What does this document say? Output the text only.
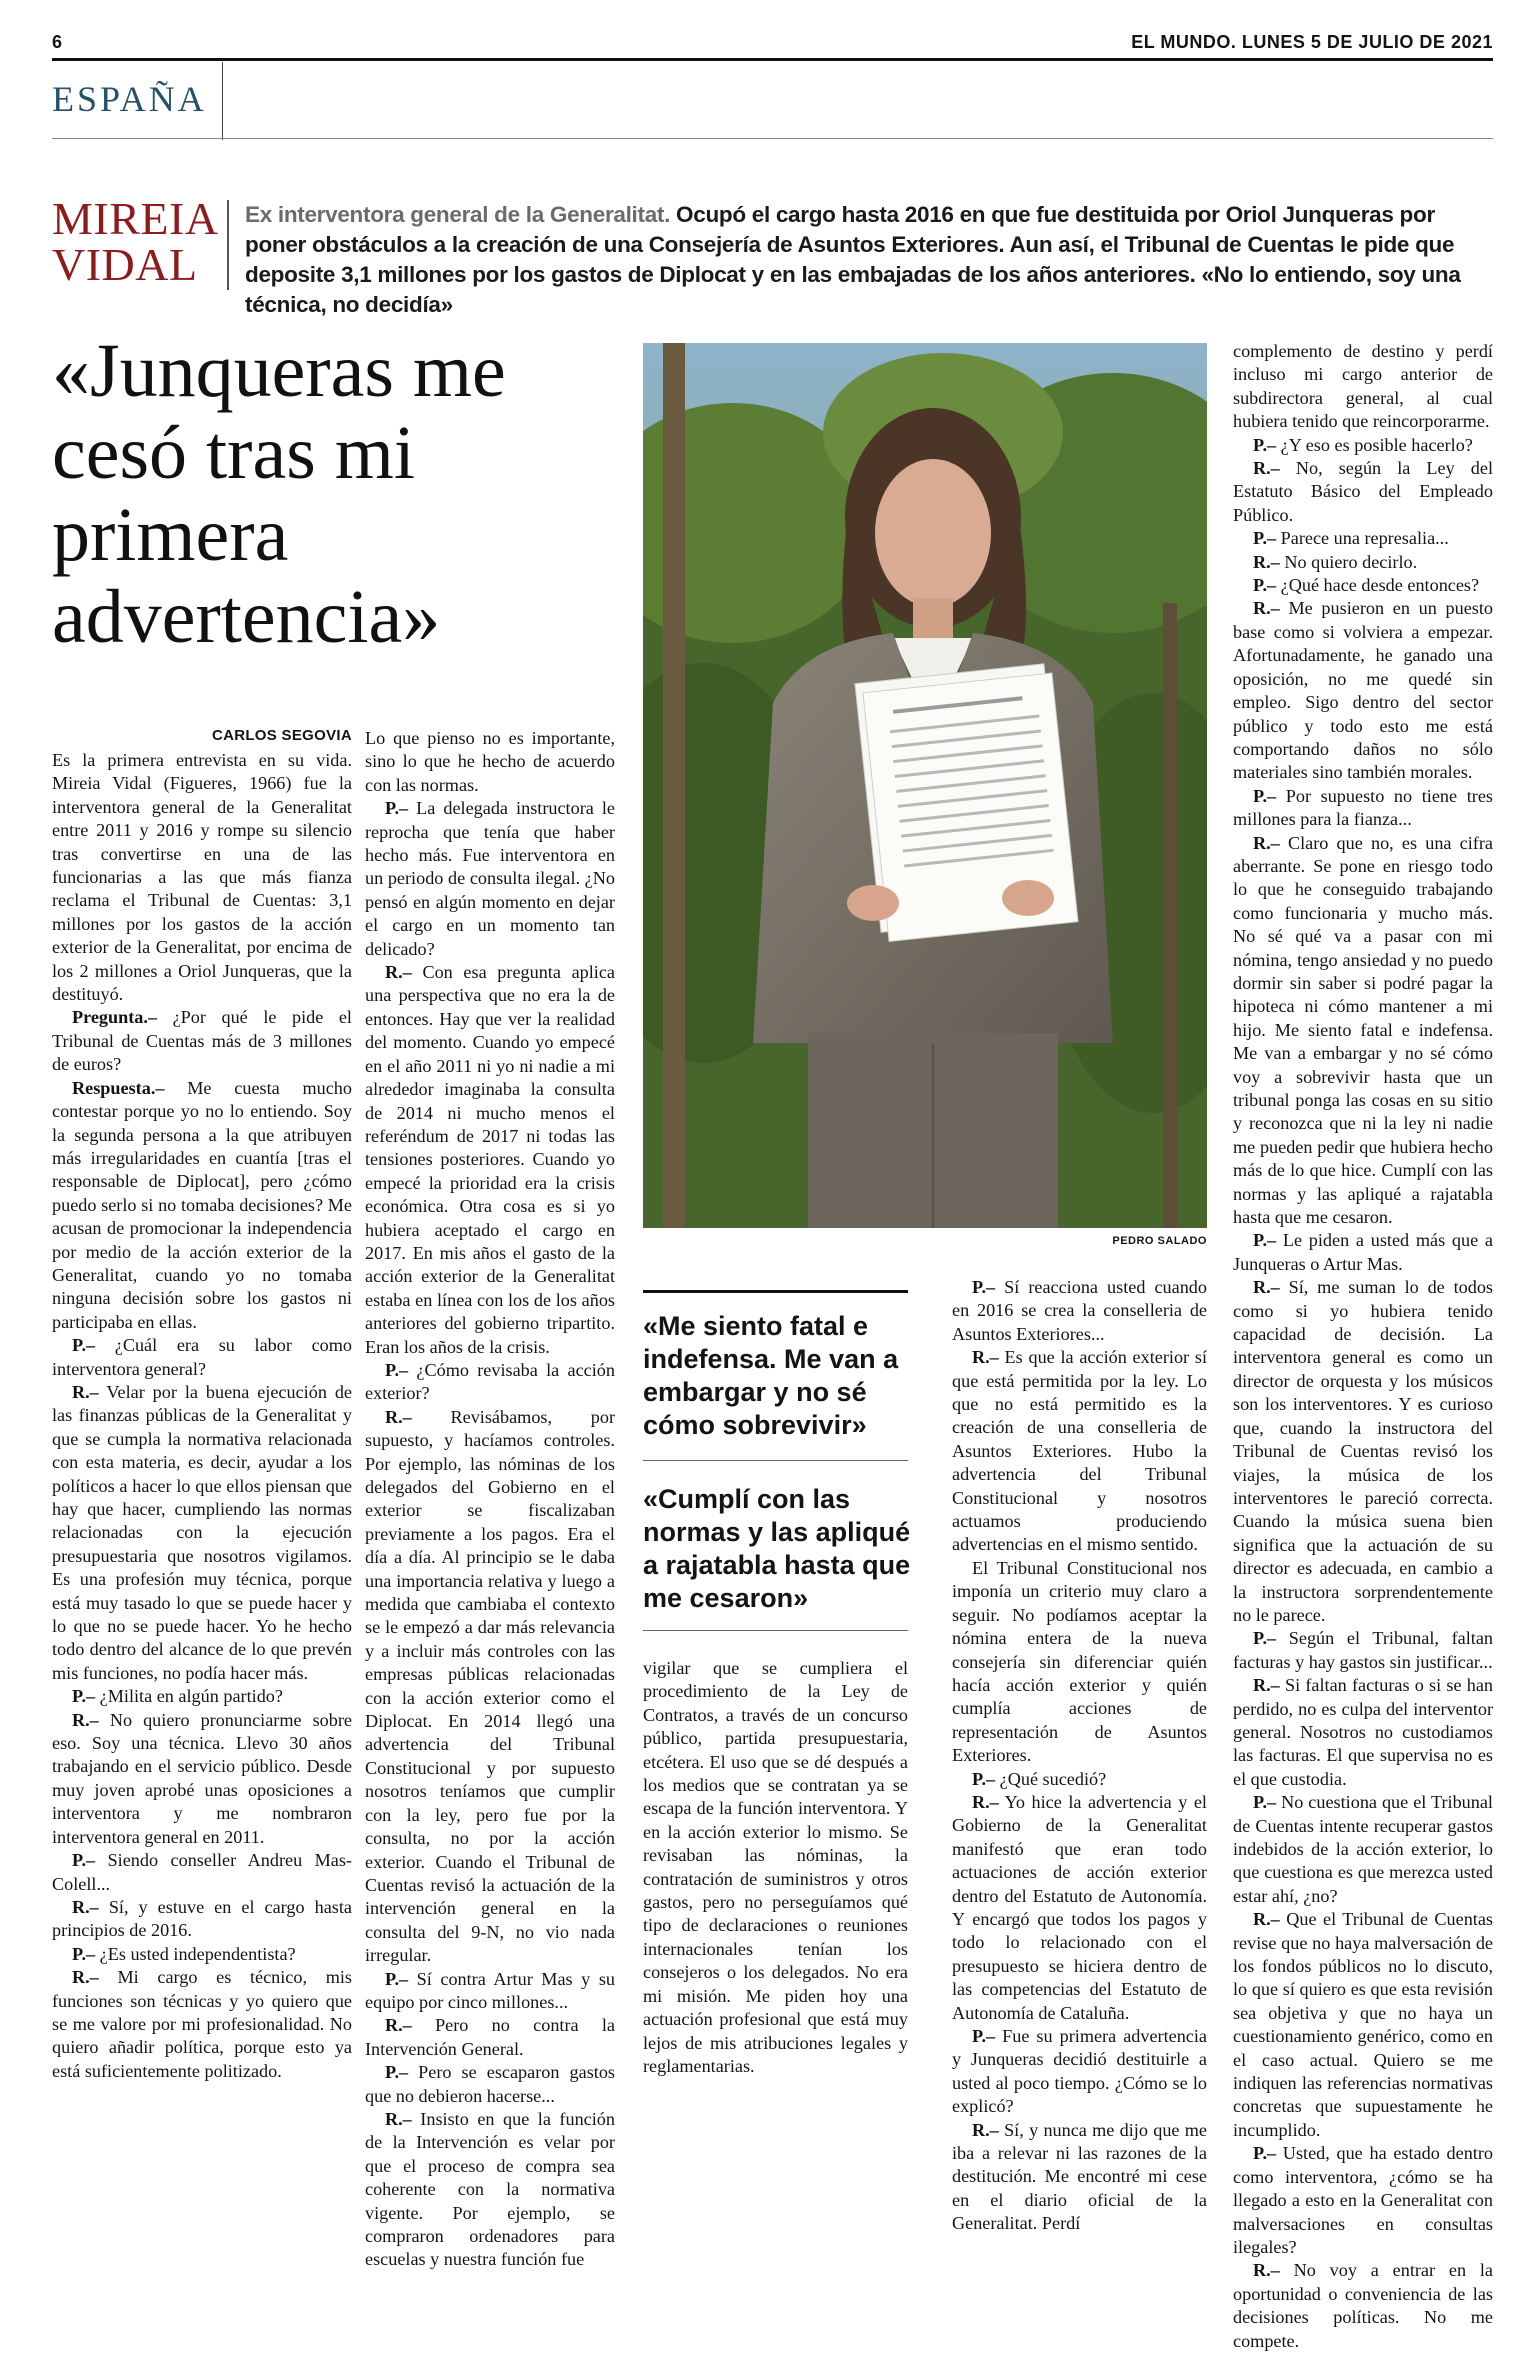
6	EL MUNDO. LUNES 5 DE JULIO DE 2021
ESPAÑA
MIREIA
VIDAL
Ex interventora general de la Generalitat. Ocupó el cargo hasta 2016 en que fue destituida por Oriol Junqueras por poner obstáculos a la creación de una Consejería de Asuntos Exteriores. Aun así, el Tribunal de Cuentas le pide que deposite 3,1 millones por los gastos de Diplocat y en las embajadas de los años anteriores. «No lo entiendo, soy una técnica, no decidía»
«Junqueras me cesó tras mi primera advertencia»
CARLOS SEGOVIA

Es la primera entrevista en su vida. Mireia Vidal (Figueres, 1966) fue la interventora general de la Generalitat entre 2011 y 2016 y rompe su silencio tras convertirse en una de las funcionarias a las que más fianza reclama el Tribunal de Cuentas: 3,1 millones por los gastos de la acción exterior de la Generalitat, por encima de los 2 millones a Oriol Junqueras, que la destituyó.

Pregunta.– ¿Por qué le pide el Tribunal de Cuentas más de 3 millones de euros?

Respuesta.– Me cuesta mucho contestar porque yo no lo entiendo. Soy la segunda persona a la que atribuyen más irregularidades en cuantía [tras el responsable de Diplocat], pero ¿cómo puedo serlo si no tomaba decisiones? Me acusan de promocionar la independencia por medio de la acción exterior de la Generalitat, cuando yo no tomaba ninguna decisión sobre los gastos ni participaba en ellas.

P.– ¿Cuál era su labor como interventora general?

R.– Velar por la buena ejecución de las finanzas públicas de la Generalitat y que se cumpla la normativa relacionada con esta materia, es decir, ayudar a los políticos a hacer lo que ellos piensan que hay que hacer, cumpliendo las normas relacionadas con la ejecución presupuestaria que nosotros vigilamos. Es una profesión muy técnica, porque está muy tasado lo que se puede hacer y lo que no se puede hacer. Yo he hecho todo dentro del alcance de lo que prevén mis funciones, no podía hacer más.

P.– ¿Milita en algún partido?

R.– No quiero pronunciarme sobre eso. Soy una técnica. Llevo 30 años trabajando en el servicio público. Desde muy joven aprobé unas oposiciones a interventora y me nombraron interventora general en 2011.

P.– Siendo conseller Andreu Mas-Colell...

R.– Sí, y estuve en el cargo hasta principios de 2016.

P.– ¿Es usted independentista?

R.– Mi cargo es técnico, mis funciones son técnicas y yo quiero que se me valore por mi profesionalidad. No quiero añadir política, porque esto ya está suficientemente politizado.

Lo que pienso no es importante, sino lo que he hecho de acuerdo con las normas.

P.– La delegada instructora le reprocha que tenía que haber hecho más. Fue interventora en un periodo de consulta ilegal. ¿No pensó en algún momento en dejar el cargo en un momento tan delicado?

R.– Con esa pregunta aplica una perspectiva que no era la de entonces. Hay que ver la realidad del momento. Cuando yo empecé en el año 2011 ni yo ni nadie a mi alrededor imaginaba la consulta de 2014 ni mucho menos el referéndum de 2017 ni todas las tensiones posteriores. Cuando yo empecé la prioridad era la crisis económica. Otra cosa es si yo hubiera aceptado el cargo en 2017. En mis años el gasto de la acción exterior de la Generalitat estaba en línea con los de los años anteriores del gobierno tripartito. Eran los años de la crisis.

P.– ¿Cómo revisaba la acción exterior?

R.– Revisábamos, por supuesto, y hacíamos controles. Por ejemplo, las nóminas de los delegados del Gobierno en el exterior se fiscalizaban previamente a los pagos. Era el día a día. Al principio se le daba una importancia relativa y luego a medida que cambiaba el contexto se le empezó a dar más relevancia y a incluir más controles con las empresas públicas relacionadas con la acción exterior como el Diplocat. En 2014 llegó una advertencia del Tribunal Constitucional y por supuesto nosotros teníamos que cumplir con la ley, pero fue por la consulta, no por la acción exterior. Cuando el Tribunal de Cuentas revisó la actuación de la intervención general en la consulta del 9-N, no vio nada irregular.

P.– Sí contra Artur Mas y su equipo por cinco millones...

R.– Pero no contra la Intervención General.

P.– Pero se escaparon gastos que no debieron hacerse...

R.– Insisto en que la función de la Intervención es velar por que el proceso de compra sea coherente con la normativa vigente. Por ejemplo, se compraron ordenadores para escuelas y nuestra función fue

vigilar que se cumpliera el procedimiento de la Ley de Contratos, a través de un concurso público, partida presupuestaria, etcétera. El uso que se dé después a los medios que se contratan ya se escapa de la función interventora. Y en la acción exterior lo mismo. Se revisaban las nóminas, la contratación de suministros y otros gastos, pero no perseguíamos qué tipo de declaraciones o reuniones internacionales tenían los consejeros o los delegados. No era mi misión. Me piden hoy una actuación profesional que está muy lejos de mis atribuciones legales y reglamentarias.

P.– Sí reacciona usted cuando en 2016 se crea la conselleria de Asuntos Exteriores...

R.– Es que la acción exterior sí que está permitida por la ley. Lo que no está permitido es la creación de una conselleria de Asuntos Exteriores. Hubo la advertencia del Tribunal Constitucional y nosotros actuamos produciendo advertencias en el mismo sentido.

El Tribunal Constitucional nos imponía un criterio muy claro a seguir. No podíamos aceptar la nómina entera de la nueva consejería sin diferenciar quién hacía acción exterior y quién cumplía acciones de representación de Asuntos Exteriores.

P.– ¿Qué sucedió?

R.– Yo hice la advertencia y el Gobierno de la Generalitat manifestó que eran todo actuaciones de acción exterior dentro del Estatuto de Autonomía. Y encargó que todos los pagos y todo lo relacionado con el presupuesto se hiciera dentro de las competencias del Estatuto de Autonomía de Cataluña.

P.– Fue su primera advertencia y Junqueras decidió destituirle a usted al poco tiempo. ¿Cómo se lo explicó?

R.– Sí, y nunca me dijo que me iba a relevar ni las razones de la destitución. Me encontré mi cese en el diario oficial de la Generalitat. Perdí

complemento de destino y perdí incluso mi cargo anterior de subdirectora general, al cual hubiera tenido que reincorporarme.

P.– ¿Y eso es posible hacerlo?

R.– No, según la Ley del Estatuto Básico del Empleado Público.

P.– Parece una represalia...

R.– No quiero decirlo.

P.– ¿Qué hace desde entonces?

R.– Me pusieron en un puesto base como si volviera a empezar. Afortunadamente, he ganado una oposición, no me quedé sin empleo. Sigo dentro del sector público y todo esto me está comportando daños no sólo materiales sino también morales.

P.– Por supuesto no tiene tres millones para la fianza...

R.– Claro que no, es una cifra aberrante. Se pone en riesgo todo lo que he conseguido trabajando como funcionaria y mucho más. No sé qué va a pasar con mi nómina, tengo ansiedad y no puedo dormir sin saber si podré pagar la hipoteca ni cómo mantener a mi hijo. Me siento fatal e indefensa. Me van a embargar y no sé cómo voy a sobrevivir hasta que un tribunal ponga las cosas en su sitio y reconozca que ni la ley ni nadie me pueden pedir que hubiera hecho más de lo que hice. Cumplí con las normas y las apliqué a rajatabla hasta que me cesaron.

P.– Le piden a usted más que a Junqueras o Artur Mas.

R.– Sí, me suman lo de todos como si yo hubiera tenido capacidad de decisión. La interventora general es como un director de orquesta y los músicos son los interventores. Y es curioso que, cuando la instructora del Tribunal de Cuentas revisó los viajes, la música de los interventores le pareció correcta. Cuando la música suena bien significa que la actuación de su director es adecuada, en cambio a la instructora sorprendentemente no le parece.

P.– Según el Tribunal, faltan facturas y hay gastos sin justificar...

R.– Si faltan facturas o si se han perdido, no es culpa del interventor general. Nosotros no custodiamos las facturas. El que supervisa no es el que custodia.

P.– No cuestiona que el Tribunal de Cuentas intente recuperar gastos indebidos de la acción exterior, lo que cuestiona es que merezca usted estar ahí, ¿no?

R.– Que el Tribunal de Cuentas revise que no haya malversación de los fondos públicos no lo discuto, lo que sí quiero es que esta revisión sea objetiva y que no haya un cuestionamiento genérico, como en el caso actual. Quiero se me indiquen las referencias normativas concretas que supuestamente he incumplido.

P.– Usted, que ha estado dentro como interventora, ¿cómo se ha llegado a esto en la Generalitat con malversaciones en consultas ilegales?

R.– No voy a entrar en la oportunidad o conveniencia de las decisiones políticas. No me compete.

PEDRO SALADO
«Me siento fatal e indefensa. Me van a embargar y no sé cómo sobrevivir»
«Cumplí con las normas y las apliqué a rajatabla hasta que me cesaron»
